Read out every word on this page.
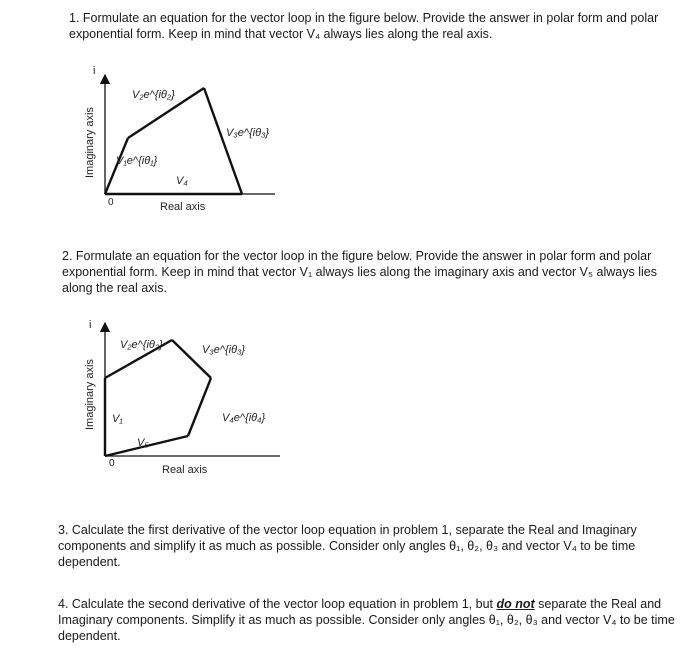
1. Formulate an equation for the vector loop in the figure below. Provide the answer in polar form and polar exponential form. Keep in mind that vector V₄ always lies along the real axis.

i
Imaginary axis
0	Real axis
V₁e^{iθ₁}
V₂e^{iθ₂}
V₃e^{iθ₃}
V₄

2. Formulate an equation for the vector loop in the figure below. Provide the answer in polar form and polar exponential form. Keep in mind that vector V₁ always lies along the imaginary axis and vector V₅ always lies along the real axis.

i
Imaginary axis
0
Real axis
V₁
V₂e^{iθ₂}	V₃e^{iθ₃}
V₄e^{iθ₄}
V₅

3. Calculate the first derivative of the vector loop equation in problem 1, separate the Real and Imaginary components and simplify it as much as possible. Consider only angles θ₁, θ₂, θ₃ and vector V₄ to be time dependent.

4. Calculate the second derivative of the vector loop equation in problem 1, but do not separate the Real and Imaginary components. Simplify it as much as possible. Consider only angles θ₁, θ₂, θ₃ and vector V₄ to be time dependent.
